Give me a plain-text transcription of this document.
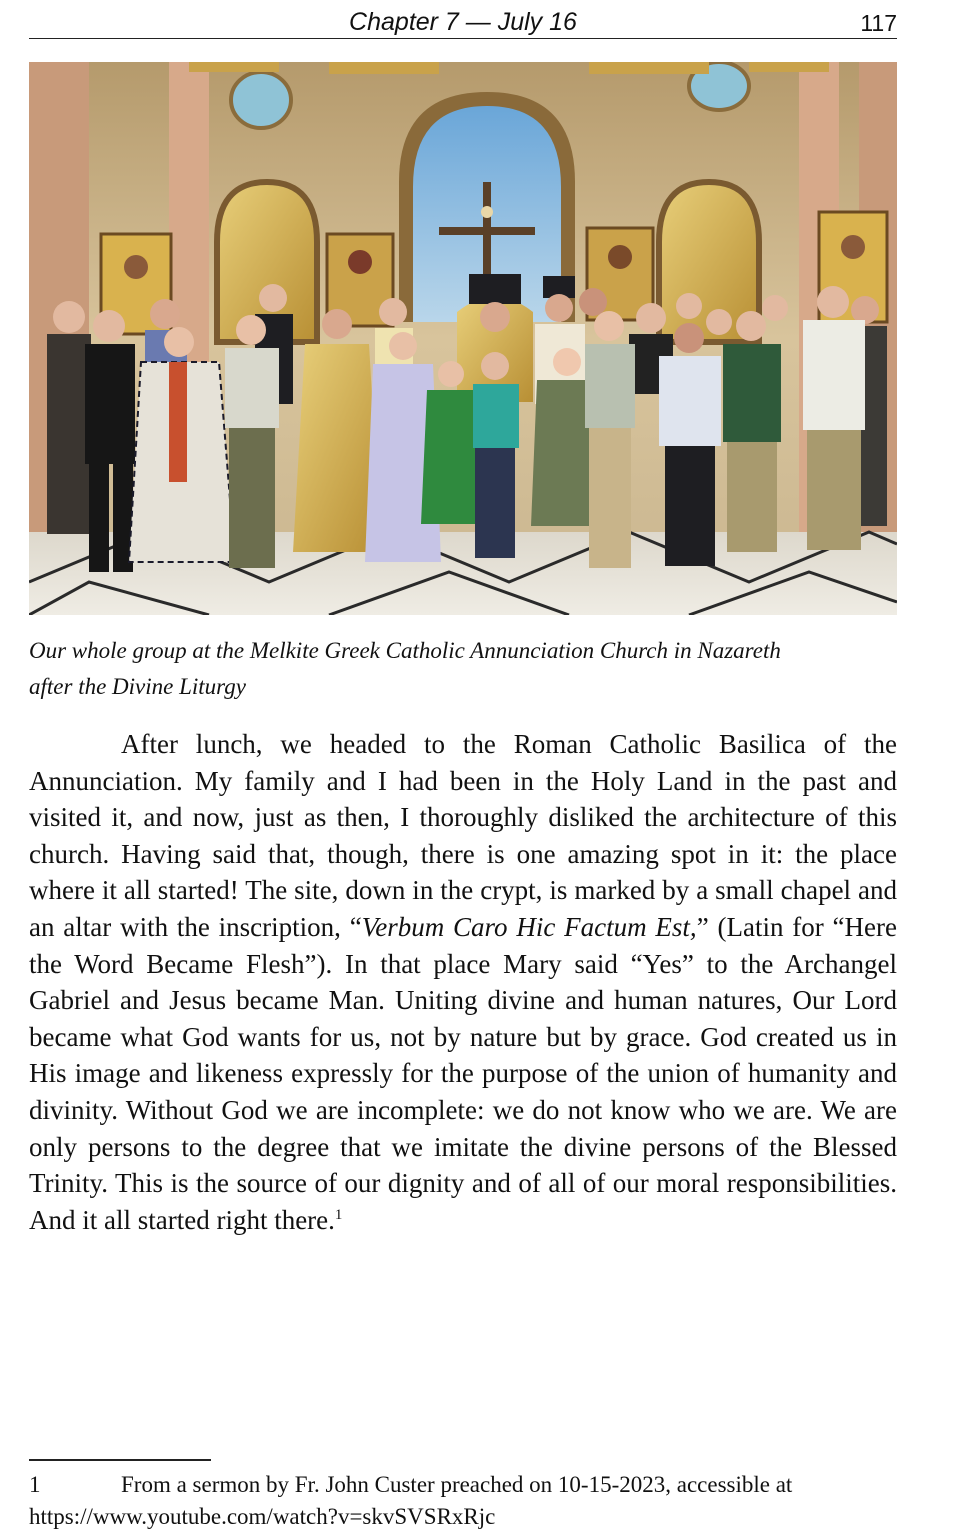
Chapter 7 — July 16	117
Our whole group at the Melkite Greek Catholic Annunciation Church in Nazareth
after the Divine Liturgy

After lunch, we headed to the Roman Catholic Basilica of the Annunciation. My family and I had been in the Holy Land in the past and visited it, and now, just as then, I thoroughly disliked the architecture of this church. Having said that, though, there is one amazing spot in it: the place where it all started! The site, down in the crypt, is marked by a small chapel and an altar with the inscription, “Verbum Caro Hic Factum Est,” (Latin for “Here the Word Became Flesh”). In that place Mary said “Yes” to the Archangel Gabriel and Jesus became Man. Uniting divine and human natures, Our Lord became what God wants for us, not by nature but by grace. God created us in His image and likeness expressly for the purpose of the union of humanity and divinity. Without God we are incomplete: we do not know who we are. We are only persons to the degree that we imitate the divine persons of the Blessed Trinity. This is the source of our dignity and of all of our moral responsibilities. And it all started right there.$^1$

1	From a sermon by Fr. John Custer preached on 10-15-2023, accessible at
https://www.youtube.com/watch?v=skvSVSRxRjc
